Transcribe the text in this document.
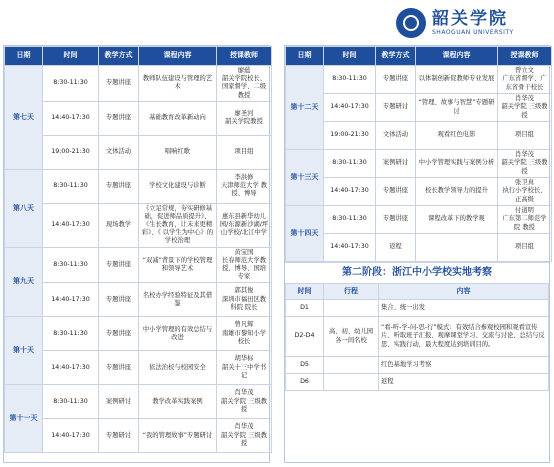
韶关学院
SHAOGUAN UNIVERSITY
日期	时间	教学方式	课程内容	授课教师
第七天	8:30-11:30	专题讲座	教师队伍建设与管理的艺术	廖蕴
韶关学院校长、国家督学、二级教授
	14:40-17:30	专题讲座	基础教育改革新动向	廖圣河
韶关学院教授
	19:00-21:30	文体活动	唱响红歌	项目组
第八天	8:30-11:30	专题讲座	学校文化建设与诊断	李洪修
天津师范大学 教授、博导
	14:40-17:30	现场教学	《立足常规，夯实研修基础，促进师品质提升》、《生长教育，让未来更精彩》、《 以学生为中心》的学校治理	惠东县新华幼儿园/东源新沙湖/坪山学校/北江中学
第九天	8:30-11:30	专题讲座	“双减”背景下的学校管理和领导艺术	黄宝国
长春师范大学教授、博导、国培专家
	14:40-17:30	专题讲座	名校办学经验特征及其借鉴	郭其俊
深圳市福田区教科院 院长
第十天	8:30-11:30	专题讲座	中小学管理的有效总结与改进	曾凡辉
南雄市黎知小学校长
	14:40-17:30	专题讲座	依法治校与校园安全	胡华标
韶关十三中学书记
第十一天	8:30-11:30	案例研讨	教学改革实践案例	肖华茂
韶关学院 三级教授
	14:40-17:30	专题研讨	“我的管理故事”专题研讨	肖华茂
韶关学院 三级教授
日期	时间	教学方式	课程内容	授课教师
第十二天	8:30-11:30	专题讲座	以体制创新促教师专业发展	曾立文
广东省督学、广东省骨干校长
	14:40-17:30	专题研讨	“管理、故事与智慧”专题研讨	肖华茂
韶关学院 三级教授
	19:00-21:30	文体活动	观看红色电影	项目组
第十三天	8:30-11:30	案例研讨	中小学管理实践与案例分析	肖华茂
韶关学院 三级教授
	14:40-17:30	专题讲座	校长教学领导力的提升	张卫真
执行小学校长、正高级
第十四天	8:30-11:30	专题讲座	课程改革下的教学观	付道明
广东第二师范学院 教授
	14:40-17:30	返程		项目组
第二阶段：浙江中小学校实地考察
时间	行程	内容
D1		集合、统一出发
D2-D4	高、初、幼儿园各一间名校	“看-听-学-问-思-行”模式：有效结合参观校园和观看宣传片、听取班子汇报、观摩课堂学习、交流与讨论、总结与反思、实践行动，最大程度达到培训目的。
D5		红色基地学习考察
D6		返程
